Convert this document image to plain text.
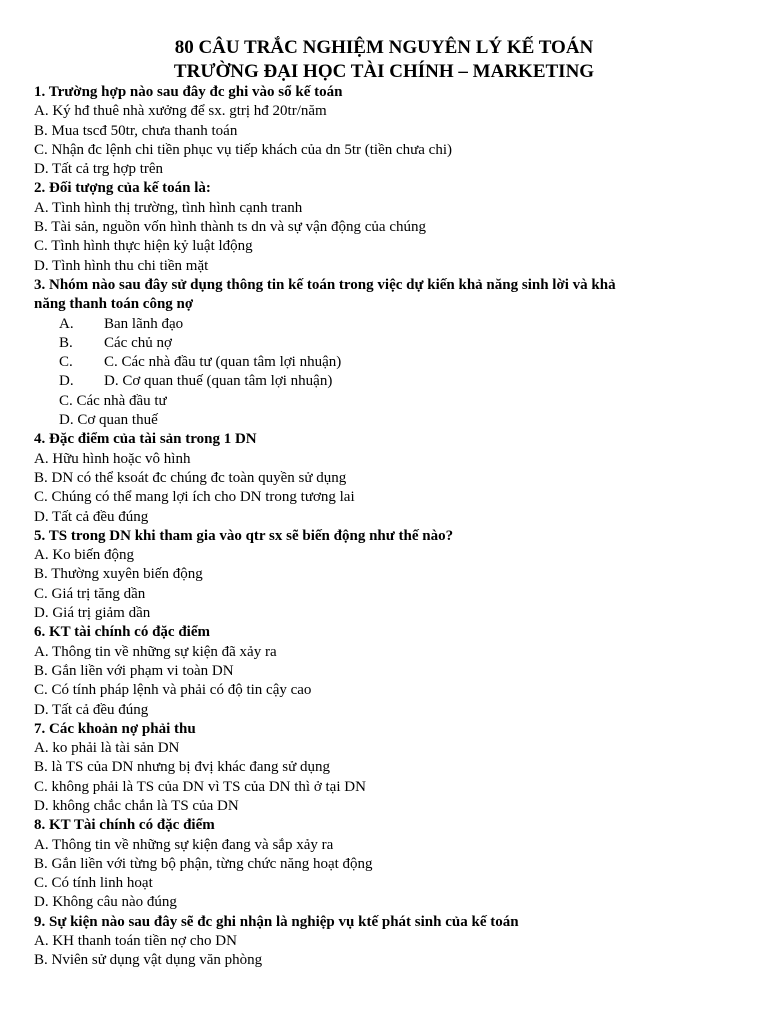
80 CÂU TRẮC NGHIỆM NGUYÊN LÝ KẾ TOÁN

TRƯỜNG ĐẠI HỌC TÀI CHÍNH – MARKETING

1. Trường hợp nào sau đây đc ghi vào sổ kế toán

A. Ký hđ thuê nhà xưởng để sx. gtrị hđ 20tr/năm

B. Mua tscđ 50tr, chưa thanh toán

C. Nhận đc lệnh chi tiền phục vụ tiếp khách của dn 5tr (tiền chưa chi)

D. Tất cả trg hợp trên

2. Đối tượng của kế toán là:

A. Tình hình thị trường, tình hình cạnh tranh

B. Tài sản, nguồn vốn hình thành ts dn và sự vận động của chúng

C. Tình hình thực hiện kỷ luật lđộng

D. Tình hình thu chi tiền mặt

3. Nhóm nào sau đây sử dụng thông tin kế toán trong việc dự kiến khả năng sinh lời và khả

năng thanh toán công nợ

A.	Ban lãnh đạo
B.	Các chủ nợ
C.	C. Các nhà đầu tư (quan tâm lợi nhuận)
D.	D. Cơ quan thuế (quan tâm lợi nhuận)

C. Các nhà đầu tư

D. Cơ quan thuế

4. Đặc điểm của tài sản trong 1 DN

A. Hữu hình hoặc vô hình

B. DN có thể ksoát đc chúng đc toàn quyền sử dụng

C. Chúng có thể mang lợi ích cho DN trong tương lai

D. Tất cả đều đúng

5. TS trong DN khi tham gia vào qtr sx sẽ biến động như thế nào?

A. Ko biến động

B. Thường xuyên biến động

C. Giá trị tăng dần

D. Giá trị giảm dần

6. KT tài chính có đặc điểm

A. Thông tin về những sự kiện đã xảy ra

B. Gắn liền với phạm vi toàn DN

C. Có tính pháp lệnh và phải có độ tin cậy cao

D. Tất cả đều đúng

7. Các khoản nợ phải thu

A. ko phải là tài sản DN

B. là TS của DN nhưng bị đvị khác đang sử dụng

C. không phải là TS của DN vì TS của DN thì ở tại DN

D. không chắc chắn là TS của DN

8. KT Tài chính có đặc điểm

A. Thông tin về những sự kiện đang và sắp xảy ra

B. Gắn liền với từng bộ phận, từng chức năng hoạt động

C. Có tính linh hoạt

D. Không câu nào đúng

9. Sự kiện nào sau đây sẽ đc ghi nhận là nghiệp vụ ktế phát sinh của kế toán

A. KH thanh toán tiền nợ cho DN

B. Nviên sử dụng vật dụng văn phòng
